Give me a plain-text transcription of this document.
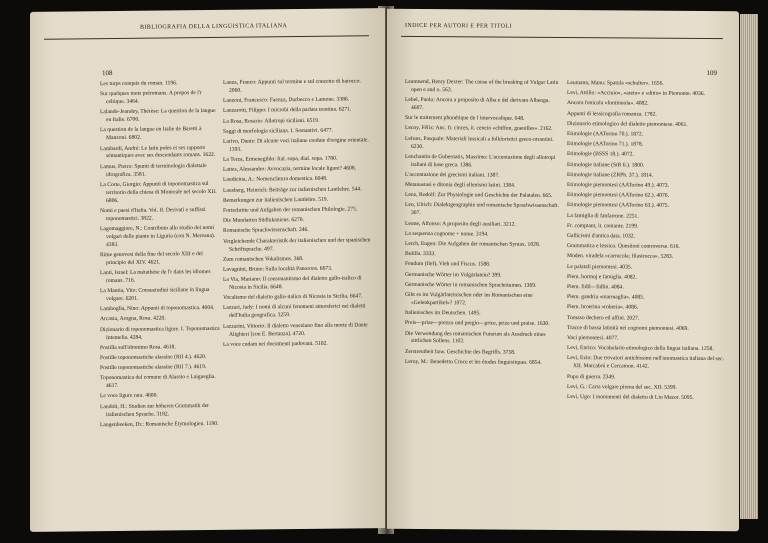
BIBLIOGRAFIA DELLA LINGUISTICA ITALIANA
108

Les turps conquis du roman. 1196.

Sur quelques mots préromans. A propos de l'r celtique. 3464.

Lalande-Jeandey, Thérèse: La question de la langue en Italie. 6700.

La question de la langue en Italie de Baretti à Manzoni. 6802.

Lambardi, André: Le latin poles et ses rapports sémantiques avec ses descendants romans. 1622.

Lamus, Pietro: Spunti di terminologia dialettale idrografica. 3581.

La Corte, Giorgio: Appunti di toponomastica sul territorio della chiesa di Monreale nel secolo XII. 6806.

Nomi e paesi d'Italia. Vol. II. Derivati e suffissi toponomastici. 3822.

Lagomaggiore, N.: Contributo allo studio dei nomi volgari delle piante in Liguria (con N. Mereana). 4383.

Rime genovesi della fine del secolo XIII e del principio del XIV. 4621.

Lanti, Israel: La métathèse de l'r dans les idiomes romans. 716.

La Mantia, Vito: Consuetudini siciliane in lingua volgare. 6201.

Lamboglia, Nino: Appunti di toponomastica. 4004.

Arcasia, Arogna, Rosa. 4220.

Dizionario di toponomastica ligure. I. Toponomastica Intemelia. 4284.

Postilla sull'idronimo Rosa. 4618.

Postille toponomastiche alassine (RII 4.). 4620.

Postille toponomastiche alassine (RII 7.). 4619.

Toponomastica del comune di Alassio e Laigueglia. 4617.

Le voce ligure rara. 4600.

Landolt, H.: Studien zur höheren Grammatik der italienischen Sprache. 3182.

Langenbeeken, Dr.: Romanische Etymologien. 1190.

Lanza, Franco: Appunti sul termine e sul concetto di barocco. 2060.

Lanzoni, Francesco: Faenza, Durbecco e Lamone. 3386.

Lanzarotti, Filippo: I microbi della parlata trentina. 6271.

La Rosa, Rosario: Allotropi siciliani. 6519.

Saggi di morfologia siciliana. I. Sostantivi. 6477.

Larivo, Dante: Di alcune voci italiane credute d'origine orientale. 1393.

La Terza, Ermenegildo: Ital. sopa, dial. sopa. 1780.

Lattes, Alessandro: Avvocazia, termine locale ligure? 4608.

Laudicina, A.: Nomenclatura domestica. 6048.

Lausberg, Heinrich: Beiträge zur italienischen Lautlehre. 544.

Bemerkungen zur italienischen Lautlehre. 519.

Fortschritte und Aufgaben der romanischen Philologie. 275.

Die Mundarten Südlukaniens. 6270.

Romanische Sprachwissenschaft. 246.

Vergleichende Charakteristik der italienischen und der spanischen Schriftsprache. 497.

Zum romanischen Vokalismus. 368.

Lavagnini, Bruno: Sulla località Panoroos. 6673.

La Via, Mariano: Il consonantismo del dialetto gallo-italico di Nicosia in Sicilia. 6648.

Vocalismo del dialetto gallo-italico di Nicosia in Sicilia. 6647.

Lazzari, Jady: I nomi di alcuni fenomeni atmosferici nei dialetti dell'Italia geografica. 3259.

Lazzarini, Vittorio: Il dialetto veneziano fino alla morte di Dante Alighieri [con E. Bertanza]. 4720.

La voce cudam nei documenti padovani. 5102.

INDICE PER AUTORI E PER TITOLI
109

Leamnend, Henry Dexter: The cause of the breaking of Vulgar Latin open e and o. 563.

Lebel, Paolo: Ancora a proposito di Alba e del derivato Albenga. 4607.

Sur le traitement phonétique de f intervocalique. 648.

Lecoy, Félix: Anc. fr. cinces, it. cencio «chiffon, guenilles». 2162.

Lefons, Pasquale: Materiali lessicali a folkloristici greco-otrantini. 6230.

Lenchantin de Gubernatis, Massimo: L'accentazione degli allotropi italiani di base greca. 1386.

L'accentazione dei grecismi italiani. 1387.

Metanastasi e ditonia degli ellenismi latini. 1384.

Lenz, Rodolf: Zur Physiologie und Geschichte der Palatalen. 665.

Leo, Ulrich: Dialektgeographie und romanische Sprachwissenschaft. 307.

Leone, Alfonso: A proposito degli ausiliari. 3212.

La sequenza cognome + nome. 3194.

Lerch, Eugen: Die Aufgaben der romanischen Syntax. 1028.

Bulilla. 3333.

Feudum (fief), Vieh und Fiscus. 1588.

Germanische Wörter im Vulgärlatein? 399.

Germanische Wörter in romanischen Sprachräumen. 1369.

Gibt es im Vulgärlateinischen oder im Romanischen eine «Gelenkpartikel»? 1072.

Italienisches im Deutschen. 1495.

Preis—prize—prezzo und pregio—price, prize und praise. 1630.

Die Verwendung des romanischen Futurum als Ausdruck eines sittlichen Sollens. 1102.

Zerstreutheit bzw. Geschichte des Begriffs. 3758.

Leroy, M.: Benedetto Croce et les études linguistiques. 6854.

Leumann, Manu: Spatula «schulter». 1656.

Levi, Attilio: «Acciuio», «areto» e «ditto» in Piemonte. 4036.

Ancora fonicola «fontinuola». 4082.

Appunti di lessicografia romanza. 1782.

Dizionario etimologico del dialetto piemontese. 4061.

Etimologie (AATorino 70.). 1872.

Etimologie (AATorino 71.). 1878.

Etimologie (BSSS 18.). 4072.

Etimologie italiane (StR 6.). 1800.

Etimologie italiane (ZRPh. 37.). 1814.

Etimologie piemontesi (AATorino 49.). 4073.

Etimologie piemontesi (AATorino 62.). 4076.

Etimologie piemontesi (AATorino 63.). 4075.

La famiglia di fanfarrone. 2251.

Fr. comptant, it. contante. 2199.

Gallicismi d'antica data. 1032.

Grammatica e lessico. Questioni controverse. 616.

Moden. viradela «carrucola; filastrocca». 5283.

Le palatali piemontesi. 4035.

Piem. bormoj e famiglia. 4082.

Piem. fidil—fidlin. 4084.

Piem. gandria «marmaglia». 4085.

Piem. broerina «roberia». 4086.

Tomaso dechero ed affini. 2027.

Tracce di bassa latinità nei cognomi piemontesi. 4069.

Voci piemontesi. 4077.

Levi, Enrico: Vocabolario etimologico della lingua italiana. 1258.

Levi, Ezio: Due trovatori antichissimi nell'onomastica italiana del sec. XII. Marcabrú e Cercamon. 4142.

Pupo di guerra. 2349.

Levi, G.: Carta volgare pirena del sec. XII. 5399.

Levi, Ugo: I monumenti del dialetto di Lio Mazor. 5095.
